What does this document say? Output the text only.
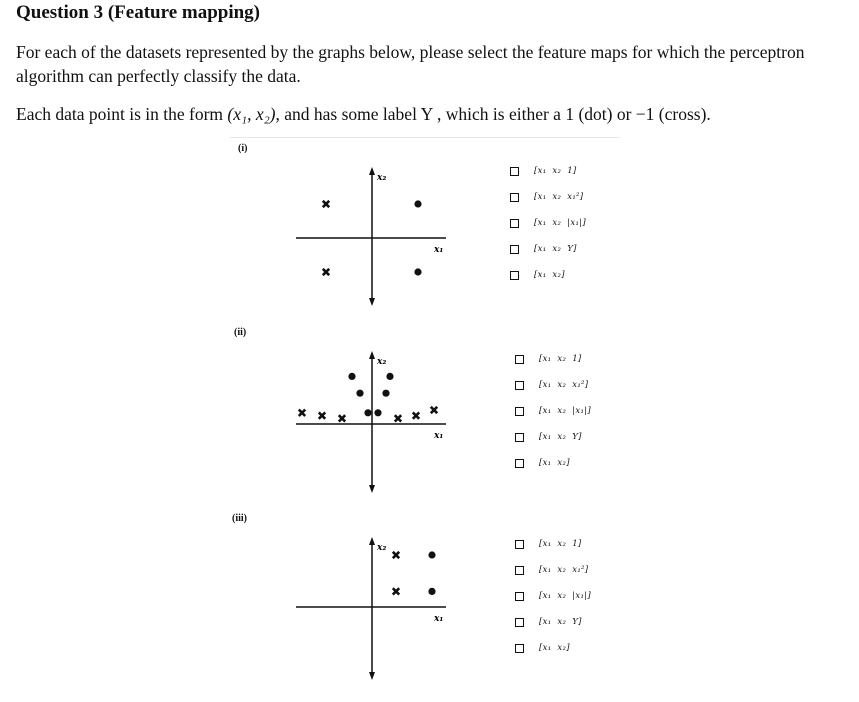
Question 3 (Feature mapping)
For each of the datasets represented by the graphs below, please select the feature maps for which the perceptron algorithm can perfectly classify the data.
Each data point is in the form (x₁, x₂), and has some label Y , which is either a 1 (dot) or −1 (cross).
(i)
(ii)
(iii)
x₂
x₁
x₂
x₁
x₂
x₁
[x₁  x₂  1]
[x₁  x₂  x₁²]
[x₁  x₂  |x₁|]
[x₁  x₂  Y]
[x₁  x₂]
[x₁  x₂  1]
[x₁  x₂  x₁²]
[x₁  x₂  |x₁|]
[x₁  x₂  Y]
[x₁  x₂]
[x₁  x₂  1]
[x₁  x₂  x₁²]
[x₁  x₂  |x₁|]
[x₁  x₂  Y]
[x₁  x₂]
